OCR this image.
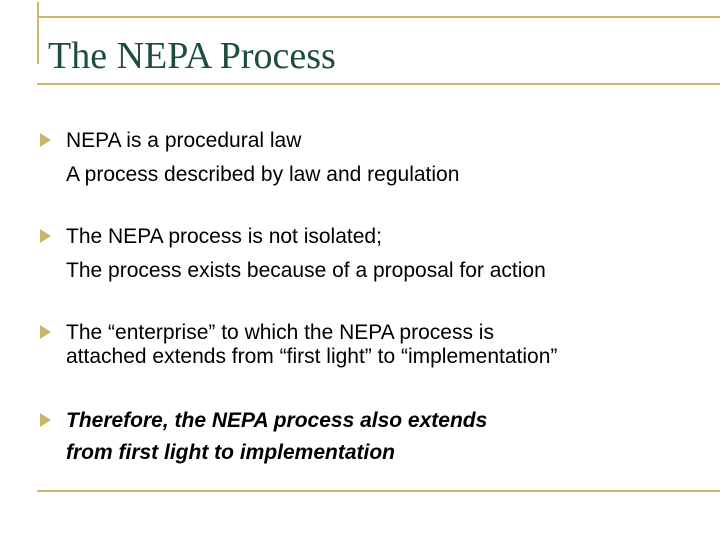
The NEPA Process
NEPA is a procedural law
A process described by law and regulation
The NEPA process is not isolated;
The process exists because of a proposal for action
The “enterprise” to which the NEPA process is
attached extends from “first light” to “implementation”
Therefore, the NEPA process also extends
from first light to implementation
